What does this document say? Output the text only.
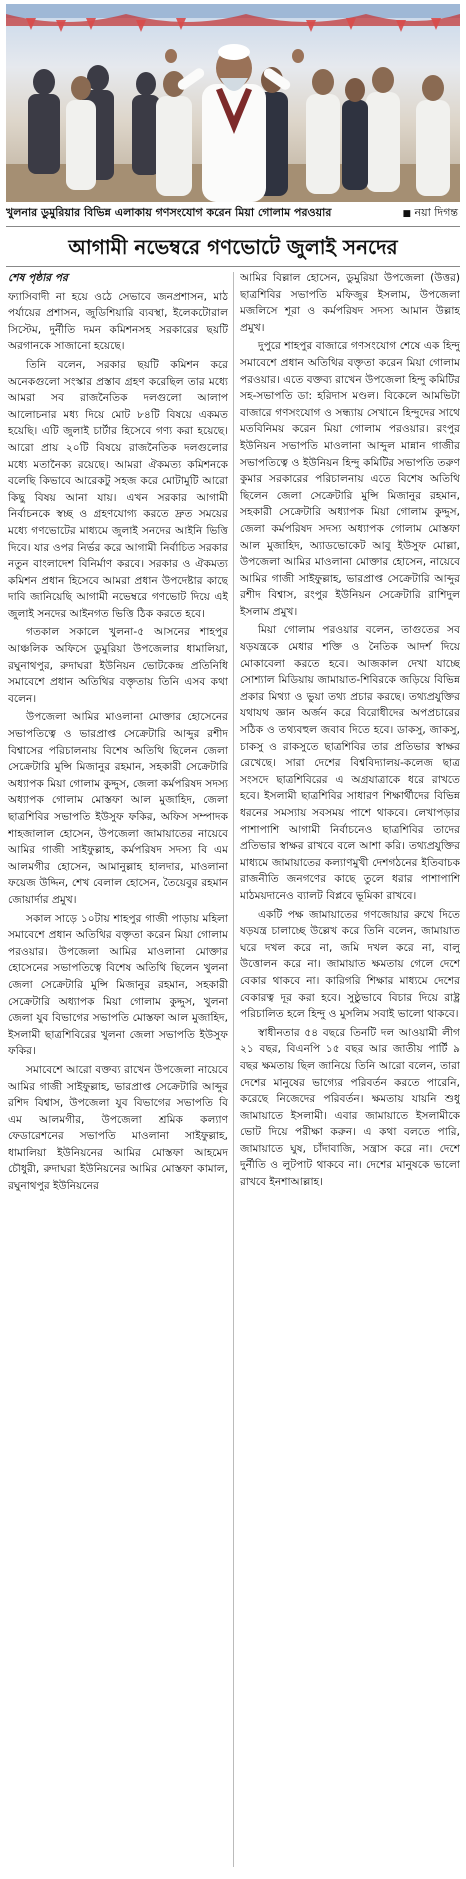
খুলনার ডুমুরিয়ার বিভিন্ন এলাকায় গণসংযোগ করেন মিয়া গোলাম পরওয়ার	■ নয়া দিগন্ত
আগামী নভেম্বরে গণভোটে জুলাই সনদের
শেষ পৃষ্ঠার পর

ফ্যাসিবাদী না হয়ে ওঠে সেভাবে জনপ্রশাসন, মাঠ পর্যায়ের প্রশাসন, জুডিশিয়ারি ব্যবস্থা, ইলেকটোরাল সিস্টেম, দুর্নীতি দমন কমিশনসহ সরকারের ছয়টি অরগানকে সাজানো হয়েছে।

তিনি বলেন, সরকার ছয়টি কমিশন করে অনেকগুলো সংস্কার প্রস্তাব গ্রহণ করেছিল তার মধ্যে আমরা সব রাজনৈতিক দলগুলো আলাপ আলোচনার মধ্য দিয়ে মোট ৮৪টি বিষয়ে একমত হয়েছি। এটি জুলাই চার্টার হিসেবে গণ্য করা হয়েছে। আরো প্রায় ২০টি বিষয়ে রাজনৈতিক দলগুলোর মধ্যে মতানৈক্য রয়েছে। আমরা ঐকমত্য কমিশনকে বলেছি কিভাবে আরেকটু সহজ করে মোটামুটি আরো কিছু বিষয় আনা যায়। এখন সরকার আগামী নির্বাচনকে স্বচ্ছ ও গ্রহণযোগ্য করতে দ্রুত সময়ের মধ্যে গণভোটের মাধ্যমে জুলাই সনদের আইনি ভিত্তি দিবে। যার ওপর নির্ভর করে আগামী নির্বাচিত সরকার নতুন বাংলাদেশ বিনির্মাণ করবে। সরকার ও ঐকমত্য কমিশন প্রধান হিসেবে আমরা প্রধান উপদেষ্টার কাছে দাবি জানিয়েছি আগামী নভেম্বরে গণভোট দিয়ে এই জুলাই সনদের আইনগত ভিত্তি ঠিক করতে হবে।

গতকাল সকালে খুলনা-৫ আসনের শাহপুর আঞ্চলিক অফিসে ডুমুরিয়া উপজেলার ধামালিয়া, রঘুনাথপুর, রুদাঘরা ইউনিয়ন ভোটকেন্দ্র প্রতিনিধি সমাবেশে প্রধান অতিথির বক্তৃতায় তিনি এসব কথা বলেন।

উপজেলা আমির মাওলানা মোক্তার হোসেনের সভাপতিত্বে ও ভারপ্রাপ্ত সেক্রেটারি আব্দুর রশীদ বিশ্বাসের পরিচালনায় বিশেষ অতিথি ছিলেন জেলা সেক্রেটারি মুন্সি মিজানুর রহমান, সহকারী সেক্রেটারি অধ্যাপক মিয়া গোলাম কুদ্দুস, জেলা কর্মপরিষদ সদস্য অধ্যাপক গোলাম মোস্তফা আল মুজাহিদ, জেলা ছাত্রশিবির সভাপতি ইউসুফ ফকির, অফিস সম্পাদক শাহজালাল হোসেন, উপজেলা জামায়াতের নায়েবে আমির গাজী সাইফুল্লাহ, কর্মপরিষদ সদস্য বি এম আলমগীর হোসেন, আমানুল্লাহ হালদার, মাওলানা ফয়েজ উদ্দিন, শেখ বেলাল হোসেন, তৈয়েবুর রহমান জোয়ার্দার প্রমুখ।

সকাল সাড়ে ১০টায় শাহপুর গাজী পাড়ায় মহিলা সমাবেশে প্রধান অতিথির বক্তৃতা করেন মিয়া গোলাম পরওয়ার। উপজেলা আমির মাওলানা মোক্তার হোসেনের সভাপতিত্বে বিশেষ অতিথি ছিলেন খুলনা জেলা সেক্রেটারি মুন্সি মিজানুর রহমান, সহকারী সেক্রেটারি অধ্যাপক মিয়া গোলাম কুদ্দুস, খুলনা জেলা যুব বিভাগের সভাপতি মোস্তফা আল মুজাহিদ, ইসলামী ছাত্রশিবিরের খুলনা জেলা সভাপতি ইউসুফ ফকির।

সমাবেশে আরো বক্তব্য রাখেন উপজেলা নায়েবে আমির গাজী সাইফুল্লাহ, ভারপ্রাপ্ত সেক্রেটারি আব্দুর রশিদ বিশ্বাস, উপজেলা যুব বিভাগের সভাপতি বি এম আলমগীর, উপজেলা শ্রমিক কল্যাণ ফেডারেশনের সভাপতি মাওলানা সাইফুল্লাহ, ধামালিয়া ইউনিয়নের আমির মোস্তফা আহমেদ চৌধুরী, রুদাঘরা ইউনিয়নের আমির মোস্তফা কামাল, রঘুনাথপুর ইউনিয়নের

আমির বিল্লাল হোসেন, ডুমুরিয়া উপজেলা (উত্তর) ছাত্রশিবির সভাপতি মফিজুর ইসলাম, উপজেলা মজলিসে শূরা ও কর্মপরিষদ সদস্য আমান উল্লাহ প্রমুখ।

দুপুরে শাহপুর বাজারে গণসংযোগ শেষে এক হিন্দু সমাবেশে প্রধান অতিথির বক্তৃতা করেন মিয়া গোলাম পরওয়ার। এতে বক্তব্য রাখেন উপজেলা হিন্দু কমিটির সহ-সভাপতি ডা: হরিদাস মণ্ডল। বিকেলে আমভিটা বাজারে গণসংযোগ ও সন্ধ্যায় সেখানে হিন্দুদের সাথে মতবিনিময় করেন মিয়া গোলাম পরওয়ার। রংপুর ইউনিয়ন সভাপতি মাওলানা আব্দুল মান্নান গাজীর সভাপতিত্বে ও ইউনিয়ন হিন্দু কমিটির সভাপতি তরুণ কুমার সরকারের পরিচালনায় এতে বিশেষ অতিথি ছিলেন জেলা সেক্রেটারি মুন্সি মিজানুর রহমান, সহকারী সেক্রেটারি অধ্যাপক মিয়া গোলাম কুদ্দুস, জেলা কর্মপরিষদ সদস্য অধ্যাপক গোলাম মোস্তফা আল মুজাহিদ, অ্যাডভোকেট আবু ইউসুফ মোল্লা, উপজেলা আমির মাওলানা মোক্তার হোসেন, নায়েবে আমির গাজী সাইফুল্লাহ, ভারপ্রাপ্ত সেক্রেটারি আব্দুর রশীদ বিশ্বাস, রংপুর ইউনিয়ন সেক্রেটারি রাশিদুল ইসলাম প্রমুখ।

মিয়া গোলাম পরওয়ার বলেন, তাগুতের সব ষড়যন্ত্রকে মেধার শক্তি ও নৈতিক আদর্শ দিয়ে মোকাবেলা করতে হবে। আজকাল দেখা যাচ্ছে সোশ্যাল মিডিয়ায় জামায়াত-শিবিরকে জড়িয়ে বিভিন্ন প্রকার মিথ্যা ও ভুয়া তথ্য প্রচার করছে। তথ্যপ্রযুক্তির যথাযথ জ্ঞান অর্জন করে বিরোধীদের অপপ্রচারের সঠিক ও তথ্যবহুল জবাব দিতে হবে। ডাকসু, জাকসু, চাকসু ও রাকসুতে ছাত্রশিবির তার প্রতিভার স্বাক্ষর রেখেছে। সারা দেশের বিশ্ববিদ্যালয়-কলেজ ছাত্র সংসদে ছাত্রশিবিরের এ অগ্রযাত্রাকে ধরে রাখতে হবে। ইসলামী ছাত্রশিবির সাধারণ শিক্ষার্থীদের বিভিন্ন ধরনের সমস্যায় সবসময় পাশে থাকবে। লেখাপড়ার পাশাপাশি আগামী নির্বাচনেও ছাত্রশিবির তাদের প্রতিভার স্বাক্ষর রাখবে বলে আশা করি। তথ্যপ্রযুক্তির মাধ্যমে জামায়াতের কল্যাণমুখী দেশগঠনের ইতিবাচক রাজনীতি জনগণের কাছে তুলে ধরার পাশাপাশি মাঠময়দানেও ব্যালট বিপ্লবে ভূমিকা রাখবে।

একটি পক্ষ জামায়াতের গণজোয়ার রুখে দিতে ষড়যন্ত্র চালাচ্ছে উল্লেখ করে তিনি বলেন, জামায়াত ঘরে দখল করে না, জমি দখল করে না, বালু উত্তোলন করে না। জামায়াত ক্ষমতায় গেলে দেশে বেকার থাকবে না। কারিগরি শিক্ষার মাধ্যমে দেশের বেকারত্ব দূর করা হবে। সুষ্ঠুভাবে বিচার দিয়ে রাষ্ট্র পরিচালিত হলে হিন্দু ও মুসলিম সবাই ভালো থাকবে।

স্বাধীনতার ৫৪ বছরে তিনটি দল আওয়ামী লীগ ২১ বছর, বিএনপি ১৫ বছর আর জাতীয় পার্টি ৯ বছর ক্ষমতায় ছিল জানিয়ে তিনি আরো বলেন, তারা দেশের মানুষের ভাগ্যের পরিবর্তন করতে পারেনি, করেছে নিজেদের পরিবর্তন। ক্ষমতায় যায়নি শুধু জামায়াতে ইসলামী। এবার জামায়াতে ইসলামীকে ভোট দিয়ে পরীক্ষা করুন। এ কথা বলতে পারি, জামায়াতে ঘুষ, চাঁদাবাজি, সন্ত্রাস করে না। দেশে দুর্নীতি ও লুটপাট থাকবে না। দেশের মানুষকে ভালো রাখবে ইনশাআল্লাহ।
